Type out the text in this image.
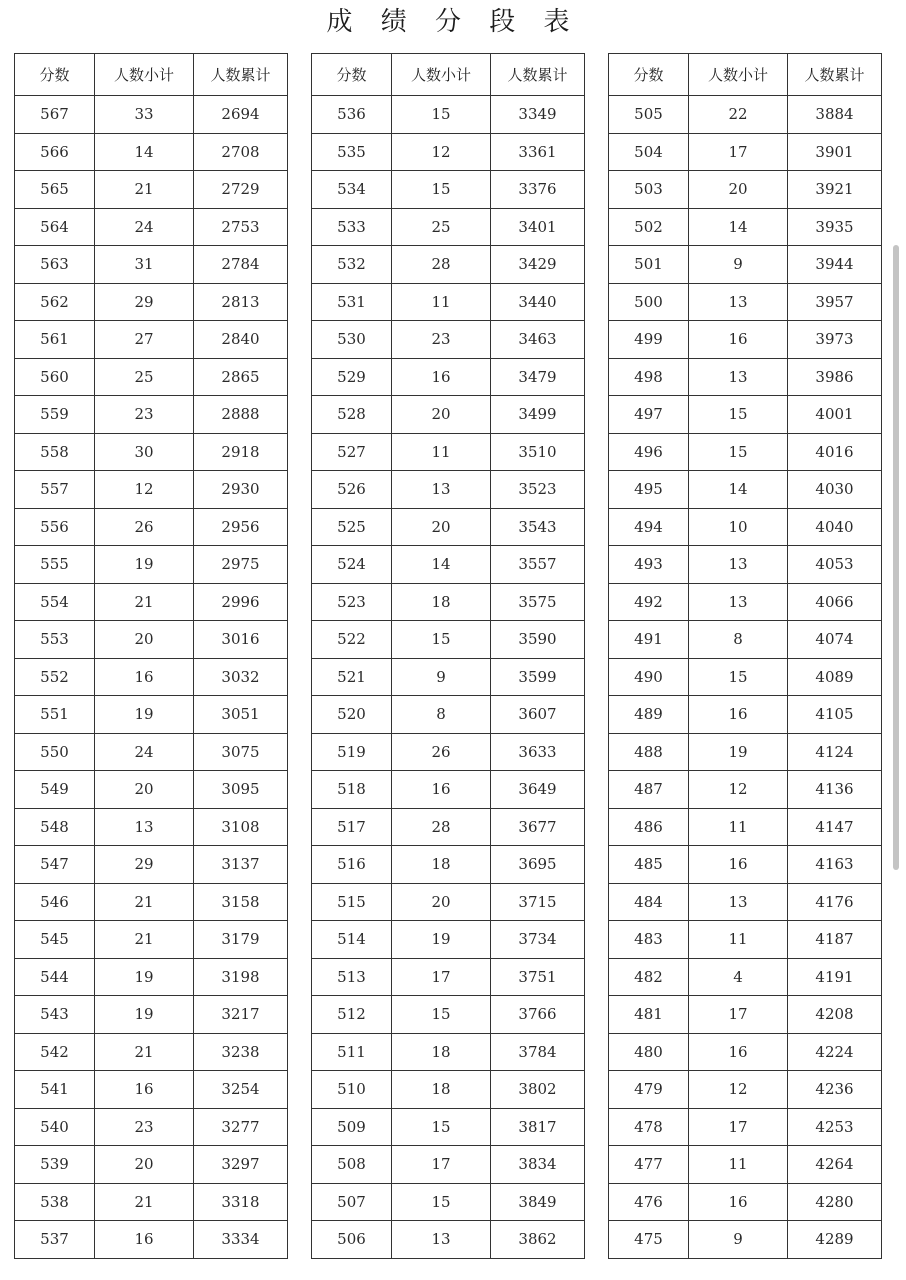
成 绩 分 段 表
分数	人数小计	人数累计
567	33	2694
566	14	2708
565	21	2729
564	24	2753
563	31	2784
562	29	2813
561	27	2840
560	25	2865
559	23	2888
558	30	2918
557	12	2930
556	26	2956
555	19	2975
554	21	2996
553	20	3016
552	16	3032
551	19	3051
550	24	3075
549	20	3095
548	13	3108
547	29	3137
546	21	3158
545	21	3179
544	19	3198
543	19	3217
542	21	3238
541	16	3254
540	23	3277
539	20	3297
538	21	3318
537	16	3334
分数	人数小计	人数累计
536	15	3349
535	12	3361
534	15	3376
533	25	3401
532	28	3429
531	11	3440
530	23	3463
529	16	3479
528	20	3499
527	11	3510
526	13	3523
525	20	3543
524	14	3557
523	18	3575
522	15	3590
521	9	3599
520	8	3607
519	26	3633
518	16	3649
517	28	3677
516	18	3695
515	20	3715
514	19	3734
513	17	3751
512	15	3766
511	18	3784
510	18	3802
509	15	3817
508	17	3834
507	15	3849
506	13	3862
分数	人数小计	人数累计
505	22	3884
504	17	3901
503	20	3921
502	14	3935
501	9	3944
500	13	3957
499	16	3973
498	13	3986
497	15	4001
496	15	4016
495	14	4030
494	10	4040
493	13	4053
492	13	4066
491	8	4074
490	15	4089
489	16	4105
488	19	4124
487	12	4136
486	11	4147
485	16	4163
484	13	4176
483	11	4187
482	4	4191
481	17	4208
480	16	4224
479	12	4236
478	17	4253
477	11	4264
476	16	4280
475	9	4289
